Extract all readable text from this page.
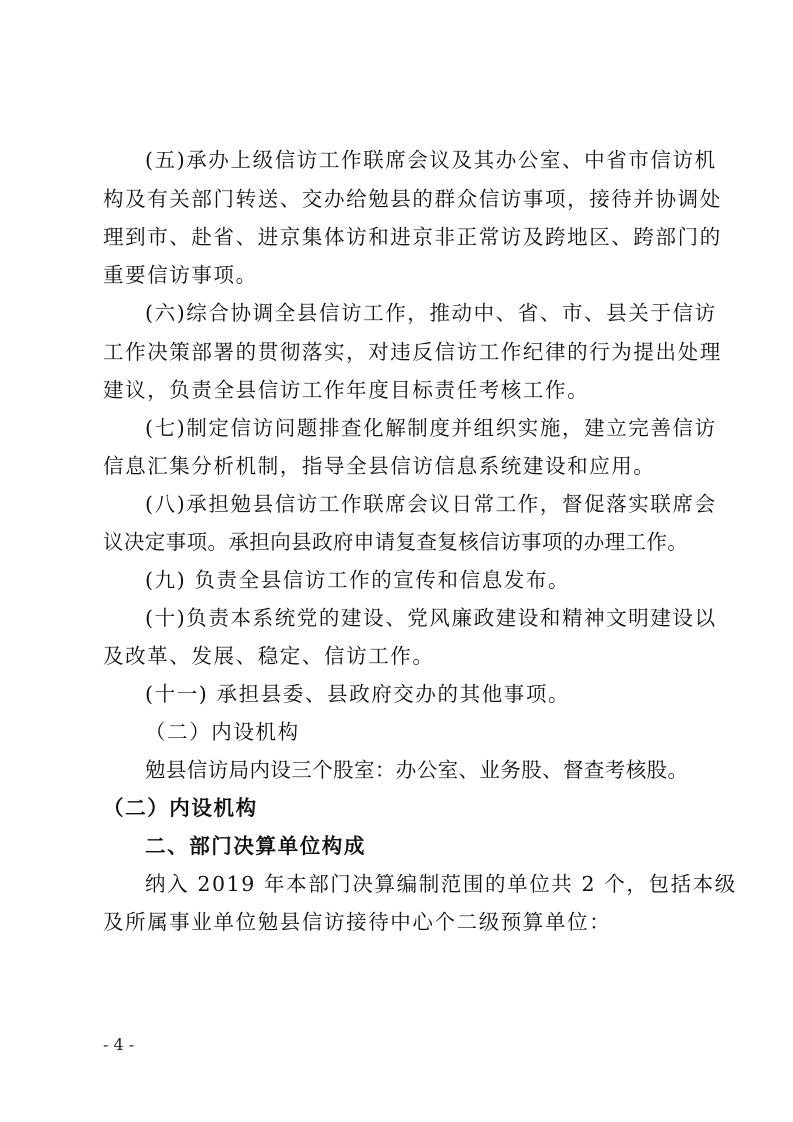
(五)承办上级信访工作联席会议及其办公室、中省市信访机
构及有关部门转送、交办给勉县的群众信访事项，接待并协调处
理到市、赴省、进京集体访和进京非正常访及跨地区、跨部门的
重要信访事项。
(六)综合协调全县信访工作，推动中、省、市、县关于信访
工作决策部署的贯彻落实，对违反信访工作纪律的行为提出处理
建议，负责全县信访工作年度目标责任考核工作。
(七)制定信访问题排查化解制度并组织实施，建立完善信访
信息汇集分析机制，指导全县信访信息系统建设和应用。
(八)承担勉县信访工作联席会议日常工作，督促落实联席会
议决定事项。承担向县政府申请复查复核信访事项的办理工作。
(九) 负责全县信访工作的宣传和信息发布。
(十)负责本系统党的建设、党风廉政建设和精神文明建设以
及改革、发展、稳定、信访工作。
(十一) 承担县委、县政府交办的其他事项。
（二）内设机构
勉县信访局内设三个股室：办公室、业务股、督查考核股。
（二）内设机构
二、部门决算单位构成
纳入 2019 年本部门决算编制范围的单位共 2 个，包括本级
及所属事业单位勉县信访接待中心个二级预算单位：
- 4 -
